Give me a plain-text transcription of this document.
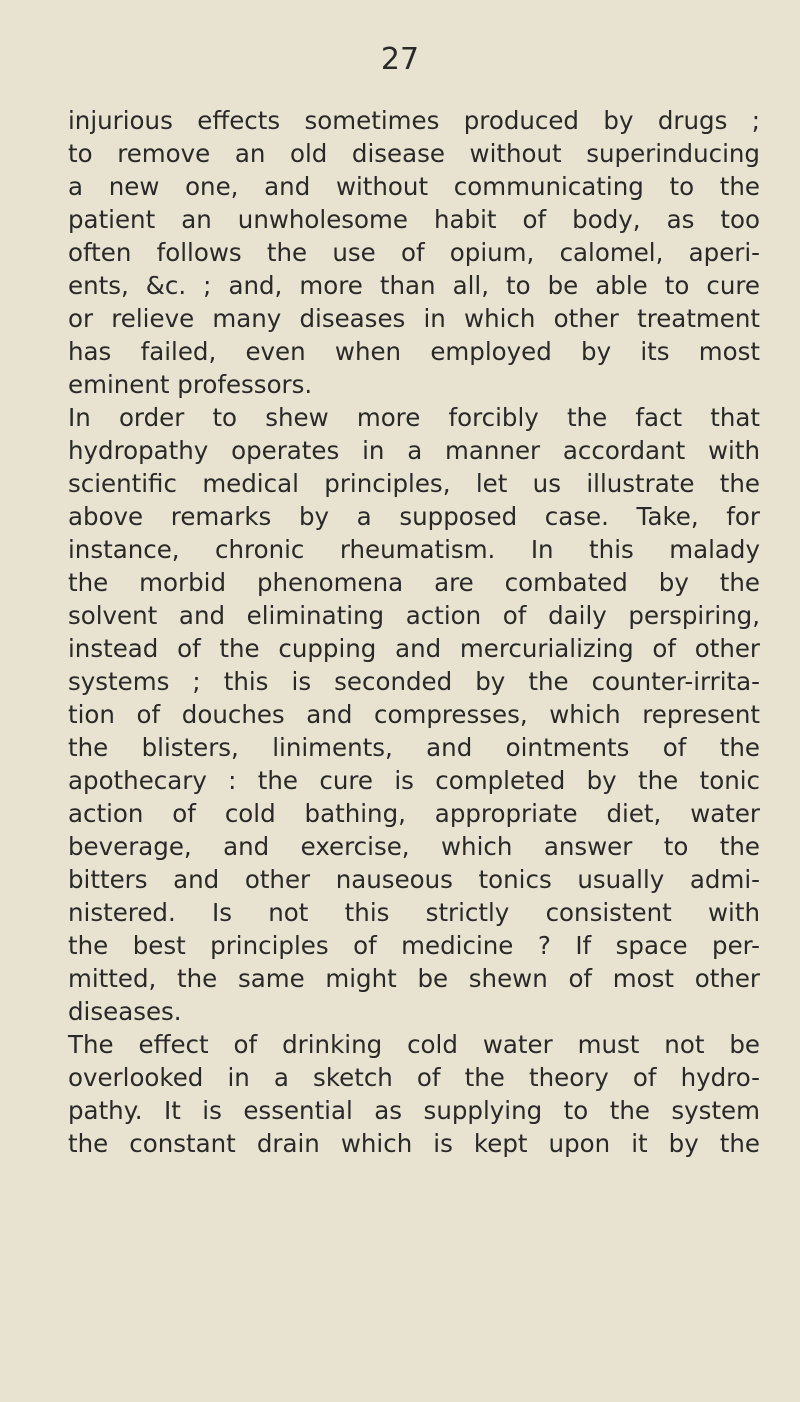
27
injurious effects sometimes produced by drugs ;
to remove an old disease without superinducing
a new one, and without communicating to the
patient an unwholesome habit of body, as too
often follows the use of opium, calomel, aperi-
ents, &c. ; and, more than all, to be able to cure
or relieve many diseases in which other treatment
has failed, even when employed by its most
eminent professors.
In order to shew more forcibly the fact that
hydropathy operates in a manner accordant with
scientific medical principles, let us illustrate the
above remarks by a supposed case. Take, for
instance, chronic rheumatism. In this malady
the morbid phenomena are combated by the
solvent and eliminating action of daily perspiring,
instead of the cupping and mercurializing of other
systems ; this is seconded by the counter-irrita-
tion of douches and compresses, which represent
the blisters, liniments, and ointments of the
apothecary : the cure is completed by the tonic
action of cold bathing, appropriate diet, water
beverage, and exercise, which answer to the
bitters and other nauseous tonics usually admi-
nistered. Is not this strictly consistent with
the best principles of medicine ? If space per-
mitted, the same might be shewn of most other
diseases.
The effect of drinking cold water must not be
overlooked in a sketch of the theory of hydro-
pathy. It is essential as supplying to the system
the constant drain which is kept upon it by the
